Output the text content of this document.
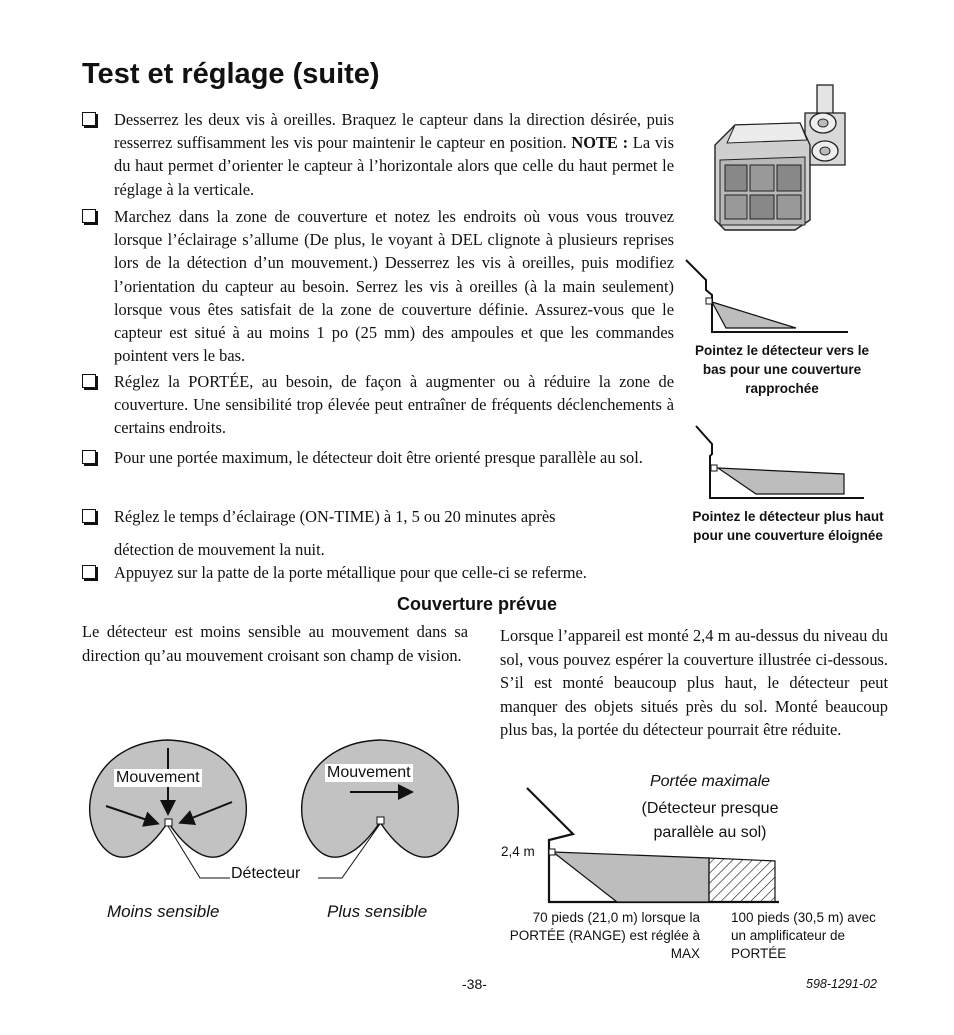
Test et réglage (suite)
Desserrez les deux vis à oreilles. Braquez le capteur dans la direction désirée, puis resserrez suffisamment les vis pour maintenir le capteur en position. NOTE : La vis du haut permet d’orienter le capteur à l’horizontale alors que celle du haut permet le réglage à la verticale.
Marchez dans la zone de couverture et notez les endroits où vous vous trouvez lorsque l’éclairage s’allume (De plus, le voyant à DEL clignote à plusieurs reprises lors de la détection d’un mouvement.) Desserrez les vis à oreilles, puis modifiez l’orientation du capteur au besoin. Serrez les vis à oreilles (à la main seulement) lorsque vous êtes satisfait de la zone de couverture définie. Assurez-vous que le capteur est situé à au moins 1 po (25 mm) des ampoules et que les commandes pointent vers le bas.
Réglez la PORTÉE, au besoin, de façon à augmenter ou à réduire la zone de couverture. Une sensibilité trop élevée peut entraîner de fréquents déclenchements à certains endroits.
Pour une portée maximum, le détecteur doit être orienté presque parallèle au sol.
Réglez le temps d’éclairage (ON-TIME) à 1, 5 ou 20 minutes après
détection de mouvement la nuit.
Appuyez sur la patte de la porte métallique pour que celle-ci se referme.
Pointez le détecteur vers le bas pour une couverture rapprochée
Pointez le détecteur plus haut pour une couverture éloignée
Couverture prévue
Le détecteur est moins sensible au mouvement dans sa direction qu’au mouvement croisant son champ de vision.
Lorsque l’appareil est monté 2,4 m au-dessus du niveau du sol, vous pouvez espérer la couverture illustrée ci-dessous. S’il est monté beaucoup plus haut, le détecteur peut manquer des objets situés près du sol. Monté beaucoup plus bas, la portée du détecteur pourrait être réduite.
Mouvement	Mouvement
Détecteur
Moins sensible	Plus sensible
Portée maximale
(Détecteur presque parallèle au sol)
2,4 m
70 pieds (21,0 m) lorsque la PORTÉE (RANGE) est réglée à MAX
100 pieds (30,5 m) avec un amplificateur de PORTÉE
-38-	598-1291-02
